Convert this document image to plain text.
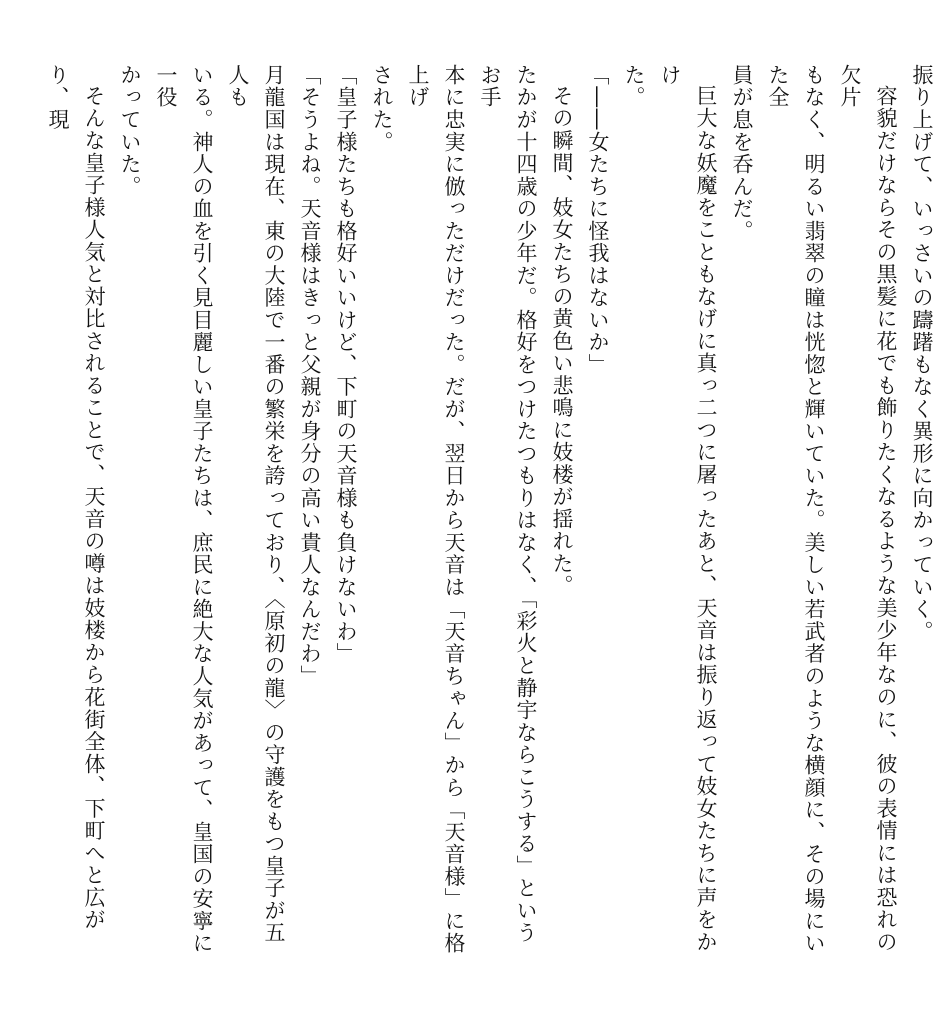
振り上げて、いっさいの躊躇もなく異形に向かっていく。
容貌だけならその黒髪に花でも飾りたくなるような美少年なのに、彼の表情には恐れの欠片
もなく、明るい翡翠の瞳は恍惚と輝いていた。美しい若武者のような横顔に、その場にいた全
員が息を呑んだ。
巨大な妖魔をこともなげに真っ二つに屠ったあと、天音は振り返って妓女たちに声をかけ
た。
「――女たちに怪我はないか」
その瞬間、妓女たちの黄色い悲鳴に妓楼が揺れた。
たかが十四歳の少年だ。格好をつけたつもりはなく、「彩火と静宇ならこうする」というお手
本に忠実に倣っただけだった。だが、翌日から天音は「天音ちゃん」から「天音様」に格上げ
された。
「皇子様たちも格好いいけど、下町の天音様も負けないわ」
「そうよね。天音様はきっと父親が身分の高い貴人なんだわ」
月龍国は現在、東の大陸で一番の繁栄を誇っており、〈原初の龍〉の守護をもつ皇子が五人も
いる。神人の血を引く見目麗しい皇子たちは、庶民に絶大な人気があって、皇国の安寧に一役
かっていた。
そんな皇子様人気と対比されることで、天音の噂は妓楼から花街全体、下町へと広がり、現
